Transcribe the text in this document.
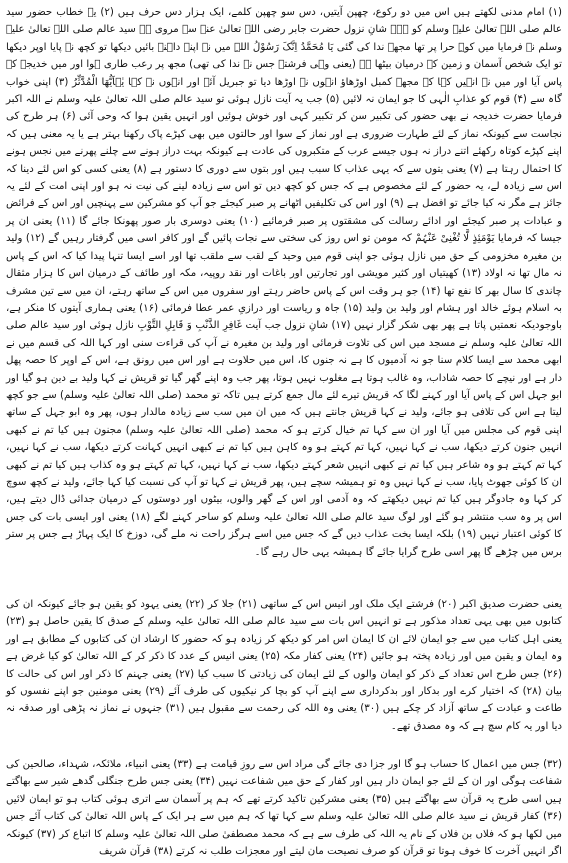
(۱) امام مدنی لکھتے ہیں اس میں دو رکوع، چھپن آیتیں، دس سو چھپن کلمے، ایک ہزار دس حرف ہیں (۲) یہ خطاب حضور سید عالم صلی اللہ تعالیٰ علیہ وسلم کو ہے۔ شانِ نزول حضرت جابر رضی اللہ تعالیٰ عنہ سے مروی ہے سید عالم صلی اللہ تعالیٰ علیہ وسلم نے فرمایا میں کوہِ حرا پر تھا مجھے ندا کی گئی یَا مُحَمَّدُ اِنَّکَ رَسُوْلُ اللہِ میں نے اپنے داہنے بائیں دیکھا تو کچھ نہ پایا اوپر دیکھا تو ایک شخص آسمان و زمین کے درمیان بیٹھا ہے (یعنی وہی فرشتہ جس نے ندا کی تھی) مجھ پر رعب طاری ہوا اور میں خدیجہ کے پاس آیا اور میں نے انہیں کہا کہ مجھے کمبل اوڑھاؤ انہوں نے اوڑھا دیا تو جبریل آئے اور انہوں نے کہا یٰۤاَیُّهَا الْمُدَّثِّرُ (۳) اپنی خواب گاہ سے (۴) قوم کو عذابِ الٰہی کا جو ایمان نہ لائیں (۵) جب یہ آیت نازل ہوئی تو سید عالم صلی اللہ تعالیٰ علیہ وسلم نے اللہ اکبر فرمایا حضرت خدیجہ نے بھی حضور کی تکبیر سن کر تکبیر کہی اور خوش ہوئیں اور انہیں یقین ہوا کہ وحی آئی (۶) ہر طرح کی نجاست سے کیونکہ نماز کے لئے طہارت ضروری ہے اور نماز کے سوا اور حالتوں میں بھی کپڑے پاک رکھنا بہتر ہے یا یہ معنی ہیں کہ اپنے کپڑے کوتاہ رکھئے اتنے دراز نہ ہوں جیسے عرب کے متکبروں کی عادت ہے کیونکہ بہت دراز ہونے سے چلنے پھرنے میں نجس ہونے کا احتمال رہتا ہے (۷) یعنی بتوں سے کہ یہی عذاب کا سبب ہیں اور بتوں سے دوری کا دستور ہے (۸) یعنی کسی کو اس لئے دینا کہ اس سے زیادہ لے، یہ حضور کے لئے مخصوص ہے کہ جس کو کچھ دیں تو اس سے زیادہ لینے کی نیت نہ ہو اور اپنی امت کے لئے یہ جائز ہے مگر نہ کیا جائے تو افضل ہے (۹) اور اس کی تکلیفیں اٹھانے پر صبر کیجئے جو آپ کو مشرکین سے پہنچیں اور اس کے فرائض و عبادات پر صبر کیجئے اور ادائے رسالت کی مشقتوں پر صبر فرمائیے (۱۰) یعنی دوسری بار صور پھونکا جائے گا (۱۱) یعنی ان پر جیسا کہ فرمایا یَوْمَئِذٍ لَّا تُغْنِیْ عَنْہُمْ کہ مومن تو اس روز کی سختی سے نجات پائیں گے اور کافر اسی میں گرفتار رہیں گے (۱۲) ولید بن مغیرہ مخزومی کے حق میں نازل ہوئی جو اپنی قوم میں وحید کے لقب سے ملقب تھا اور اسے ایسا تنہا پیدا کیا کہ اس کے پاس نہ مال تھا نہ اولاد (۱۳) کھیتیاں اور کثیر مویشی اور تجارتیں اور باغات اور نقد روپیہ، مکہ اور طائف کے درمیان اس کا ہزار مثقال چاندی کا سال بھر کا نفع تھا (۱۴) جو ہر وقت اس کے پاس حاضر رہتے اور سفروں میں اس کے ساتھ رہتے، ان میں سے تین مشرف بہ اسلام ہوئے خالد اور ہشام اور ولید بن ولید (۱۵) جاہ و ریاست اور درازیِ عمر عطا فرمائی (۱۶) یعنی ہماری آیتوں کا منکر ہے، باوجودیکہ نعمتیں پاتا ہے پھر بھی شکر گزار نہیں (۱۷) شانِ نزول جب آیت غَافِرِ الذَّنْبِ وَ قَابِلِ التَّوْبِ نازل ہوئی اور سید عالم صلی اللہ تعالیٰ علیہ وسلم نے مسجد میں اس کی تلاوت فرمائی اور ولید بن مغیرہ نے آپ کی قراءت سنی اور کہا اللہ کی قسم میں نے ابھی محمد سے ایسا کلام سنا جو نہ آدمیوں کا ہے نہ جنوں کا، اس میں حلاوت ہے اور اس میں رونق ہے، اس کے اوپر کا حصہ پھل دار ہے اور نیچے کا حصہ شاداب، وہ غالب ہوتا ہے مغلوب نہیں ہوتا، پھر جب وہ اپنے گھر گیا تو قریش نے کہا ولید بے دین ہو گیا اور ابو جہل اس کے پاس آیا اور کہنے لگا کہ قریش تیرے لئے مال جمع کرتے ہیں تاکہ تو محمد (صلی اللہ تعالیٰ علیہ وسلم) سے جو کچھ لیتا ہے اس کی تلافی ہو جائے، ولید نے کہا قریش جانتے ہیں کہ میں ان میں سب سے زیادہ مالدار ہوں، پھر وہ ابو جہل کے ساتھ اپنی قوم کی مجلس میں آیا اور ان سے کہا تم خیال کرتے ہو کہ محمد (صلی اللہ تعالیٰ علیہ وسلم) مجنون ہیں کیا تم نے کبھی انہیں جنون کرتے دیکھا، سب نے کہا نہیں، کہا تم کہتے ہو وہ کاہن ہیں کیا تم نے کبھی انہیں کہانت کرتے دیکھا، سب نے کہا نہیں، کہا تم کہتے ہو وہ شاعر ہیں کیا تم نے کبھی انہیں شعر کہتے دیکھا، سب نے کہا نہیں، کہا تم کہتے ہو وہ کذاب ہیں کیا تم نے کبھی ان کا کوئی جھوٹ پایا، سب نے کہا نہیں وہ تو ہمیشہ سچے ہیں، پھر قریش نے کہا تو آپ کی نسبت کیا کہا جائے، ولید نے کچھ سوچ کر کہا وہ جادوگر ہیں کیا تم نہیں دیکھتے کہ وہ آدمی اور اس کے گھر والوں، بیٹوں اور دوستوں کے درمیان جدائی ڈال دیتے ہیں، اس پر وہ سب منتشر ہو گئے اور لوگ سید عالم صلی اللہ تعالیٰ علیہ وسلم کو ساحر کہنے لگے (۱۸) یعنی اور ایسی بات کی جس کا کوئی اعتبار نہیں (۱۹) بلکہ ایسا بخت عذاب دیں گے کہ جس میں اسے ہرگز راحت نہ ملے گی، دوزخ کا ایک پہاڑ ہے جس پر ستر برس میں چڑھے گا پھر اسی طرح گرایا جائے گا ہمیشہ یہی حال رہے گا۔

یعنی حضرت صدیق اکبر (۲۰) فرشتے ایک ملک اور انیس اس کے ساتھی (۲۱) جلا کر (۲۲) یعنی یہود کو یقین ہو جائے کیونکہ ان کی کتابوں میں بھی یہی تعداد مذکور ہے تو انہیں اس بات سے سید عالم صلی اللہ تعالیٰ علیہ وسلم کے صدق کا یقین حاصل ہو (۲۳) یعنی اہل کتاب میں سے جو ایمان لائے ان کا ایمان اس امر کو دیکھ کر زیادہ ہو کہ حضور کا ارشاد ان کی کتابوں کے مطابق ہے اور وہ ایمان و یقین میں اور زیادہ پختہ ہو جائیں (۲۴) یعنی کفار مکہ (۲۵) یعنی انیس کے عدد کا ذکر کر کے اللہ تعالیٰ کو کیا غرض ہے (۲۶) جس طرح اس تعداد کے ذکر کو ایمان والوں کے لئے ایمان کی زیادتی کا سبب کیا (۲۷) یعنی جہنم کا ذکر اور اس کی حالت کا بیان (۲۸) کہ اختیار کرے اور بدکار اور بدکرداری سے اپنے آپ کو بچا کر نیکیوں کی طرف آئے (۲۹) یعنی مومنین جو اپنے نفسوں کو طاعت و عبادت کے ساتھ آزاد کر چکے ہیں (۳۰) یعنی وہ اللہ کی رحمت سے مقبول ہیں (۳۱) جنہوں نے نماز نہ پڑھی اور صدقہ نہ دیا اور یہ کام سچ ہے کہ وہ مصدق تھے۔

(۳۲) جس میں اعمال کا حساب ہو گا اور جزا دی جائے گی مراد اس سے روزِ قیامت ہے (۳۳) یعنی انبیاء، ملائکہ، شہداء، صالحین کی شفاعت ہوگی اور ان کے لئے جو ایمان دار ہیں اور کفار کے حق میں شفاعت نہیں (۳۴) یعنی جس طرح جنگلی گدھے شیر سے بھاگتے ہیں اسی طرح یہ قرآن سے بھاگتے ہیں (۳۵) یعنی مشرکین تاکید کرتے تھے کہ ہم پر آسمان سے اتری ہوئی کتاب ہو تو ایمان لائیں (۳۶) کفار قریش نے سید عالم صلی اللہ تعالیٰ علیہ وسلم سے کہا تھا کہ ہم میں سے ہر ایک کے پاس اللہ تعالیٰ کی کتاب آئے جس میں لکھا ہو کہ فلاں بن فلاں کے نام یہ اللہ کی طرف سے ہے کہ محمد مصطفیٰ صلی اللہ تعالیٰ علیہ وسلم کا اتباع کر (۳۷) کیونکہ اگر انہیں آخرت کا خوف ہوتا تو قرآن کو صرف نصیحت مان لیتے اور معجزات طلب نہ کرتے (۳۸) قرآن شریف
